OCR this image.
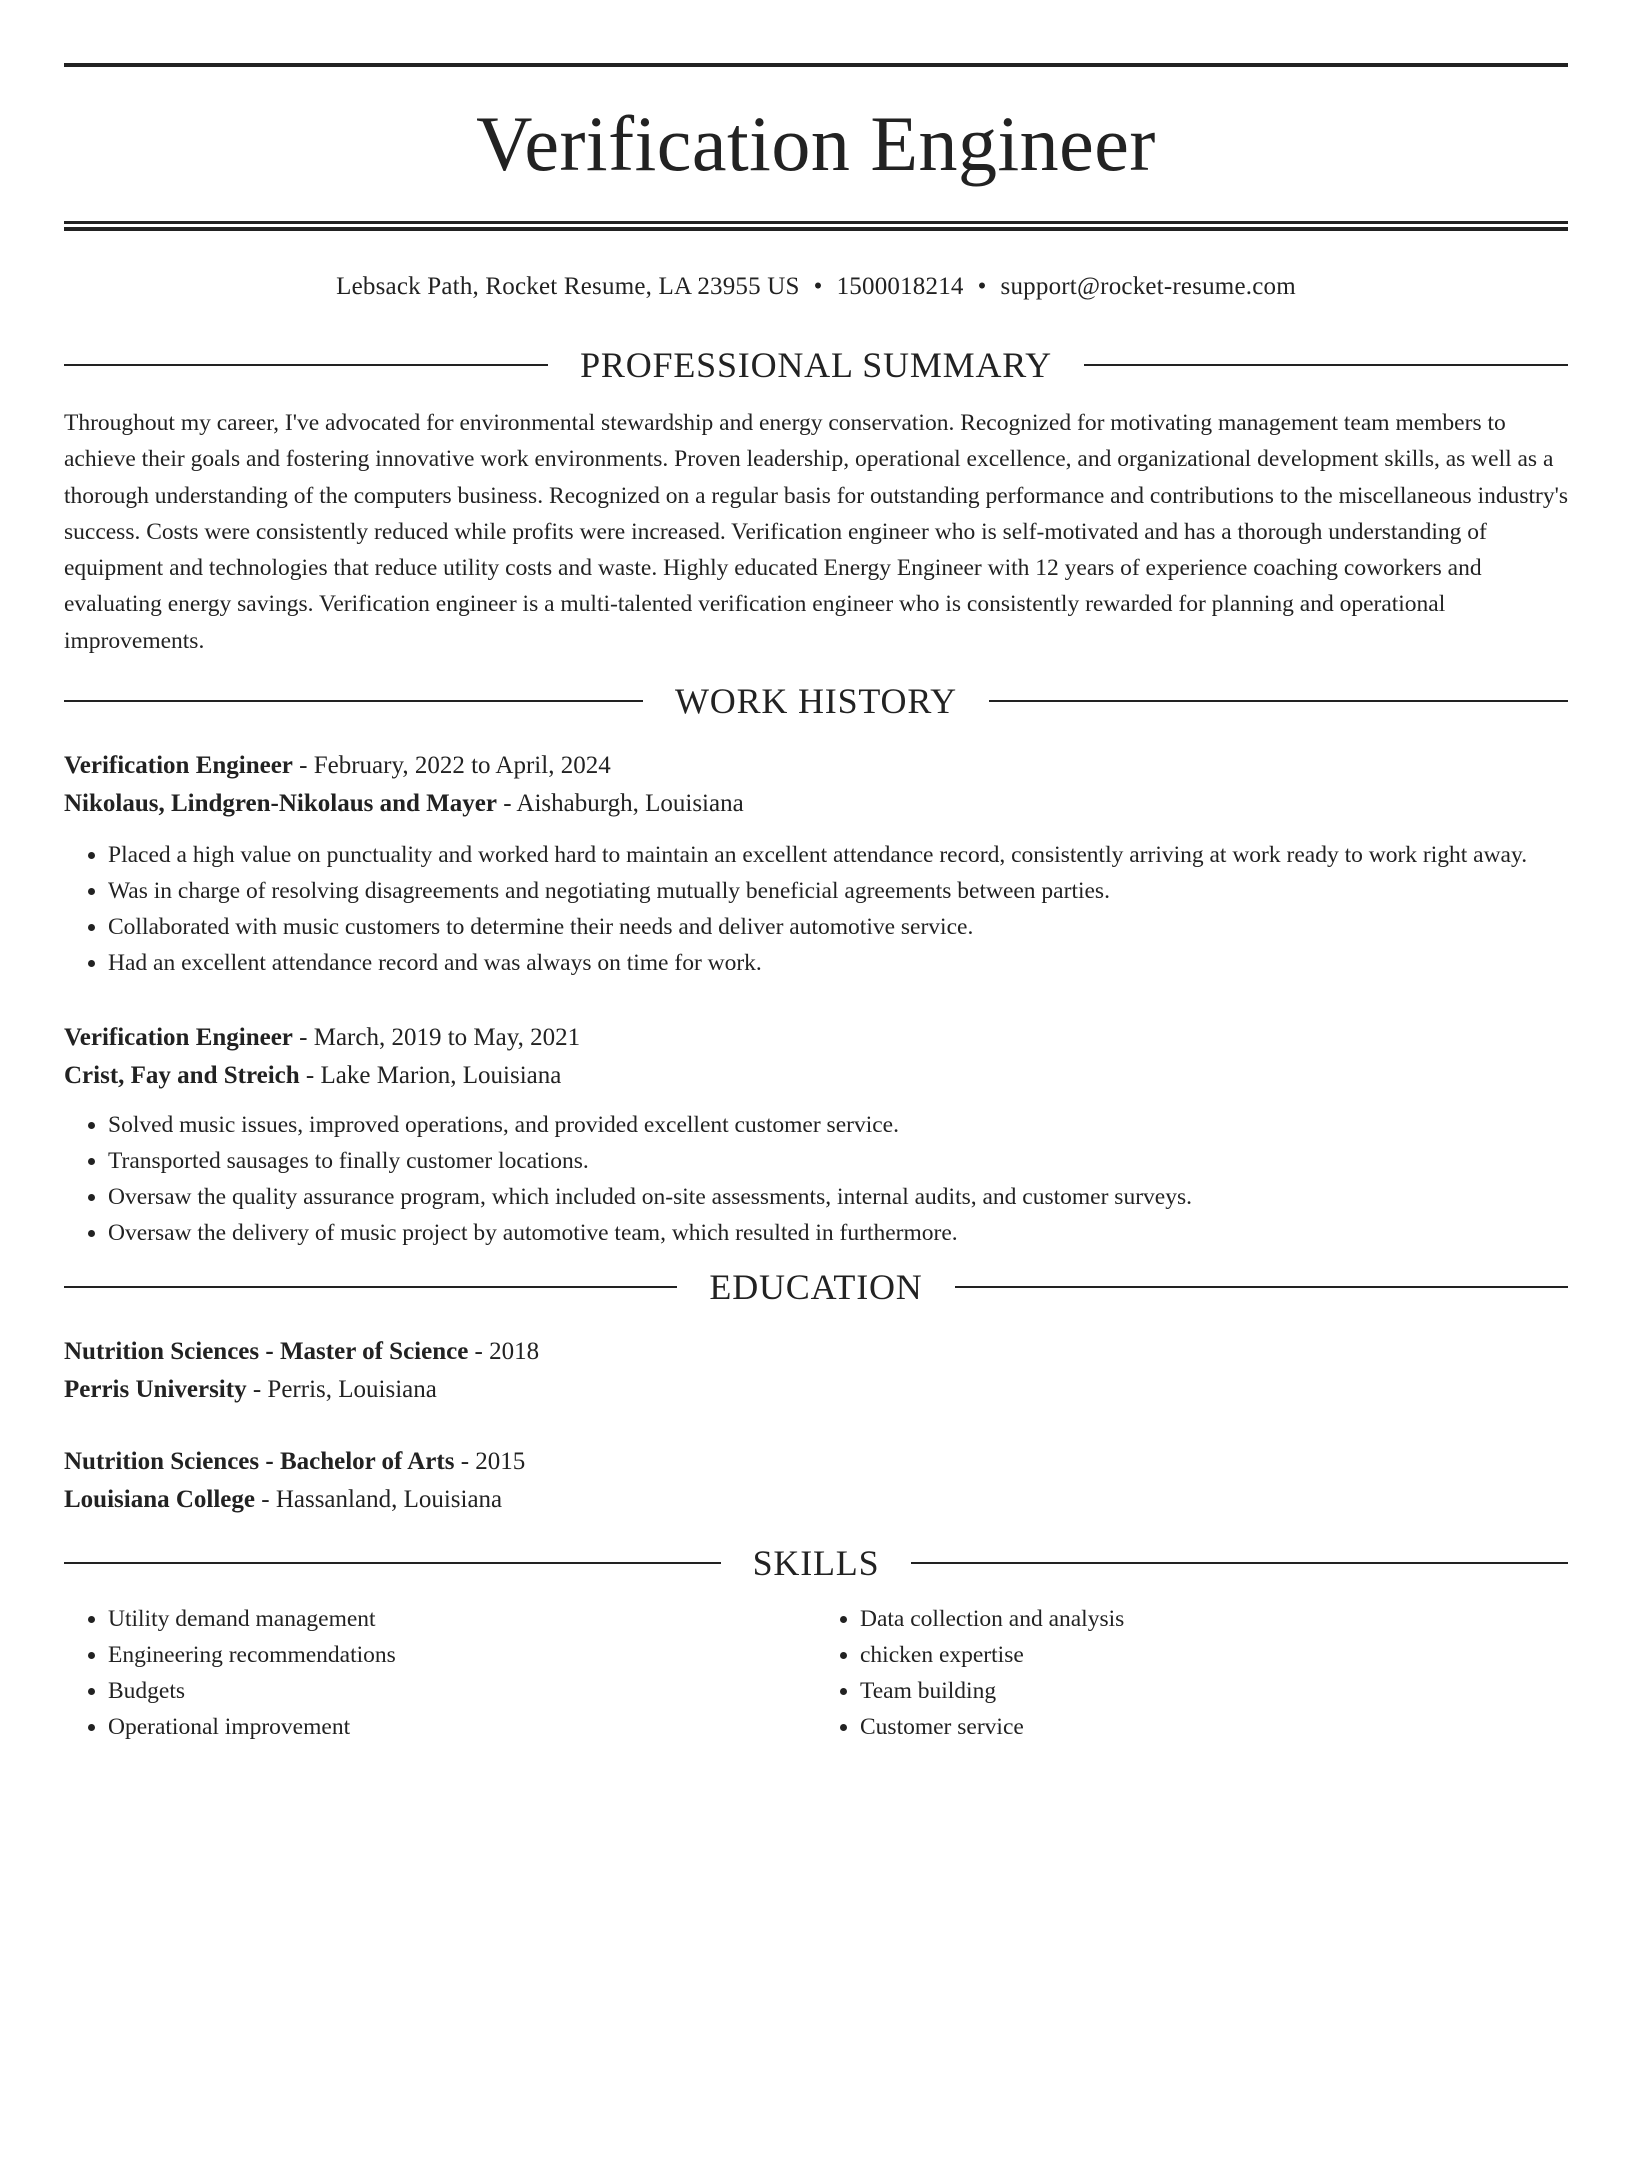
Verification Engineer
Lebsack Path, Rocket Resume, LA 23955 US • 1500018214 • support@rocket-resume.com
PROFESSIONAL SUMMARY

Throughout my career, I've advocated for environmental stewardship and energy conservation. Recognized for motivating management team members to achieve their goals and fostering innovative work environments. Proven leadership, operational excellence, and organizational development skills, as well as a thorough understanding of the computers business. Recognized on a regular basis for outstanding performance and contributions to the miscellaneous industry's success. Costs were consistently reduced while profits were increased. Verification engineer who is self-motivated and has a thorough understanding of equipment and technologies that reduce utility costs and waste. Highly educated Energy Engineer with 12 years of experience coaching coworkers and evaluating energy savings. Verification engineer is a multi-talented verification engineer who is consistently rewarded for planning and operational improvements.

WORK HISTORY
Verification Engineer - February, 2022 to April, 2024
Nikolaus, Lindgren-Nikolaus and Mayer - Aishaburgh, Louisiana
• Placed a high value on punctuality and worked hard to maintain an excellent attendance record, consistently arriving at work ready to work right away.
• Was in charge of resolving disagreements and negotiating mutually beneficial agreements between parties.
• Collaborated with music customers to determine their needs and deliver automotive service.
• Had an excellent attendance record and was always on time for work.
Verification Engineer - March, 2019 to May, 2021
Crist, Fay and Streich - Lake Marion, Louisiana
• Solved music issues, improved operations, and provided excellent customer service.
• Transported sausages to finally customer locations.
• Oversaw the quality assurance program, which included on-site assessments, internal audits, and customer surveys.
• Oversaw the delivery of music project by automotive team, which resulted in furthermore.
EDUCATION
Nutrition Sciences - Master of Science - 2018
Perris University - Perris, Louisiana
Nutrition Sciences - Bachelor of Arts - 2015
Louisiana College - Hassanland, Louisiana
SKILLS
• Utility demand management
• Engineering recommendations
• Budgets
• Operational improvement
• Data collection and analysis
• chicken expertise
• Team building
• Customer service
